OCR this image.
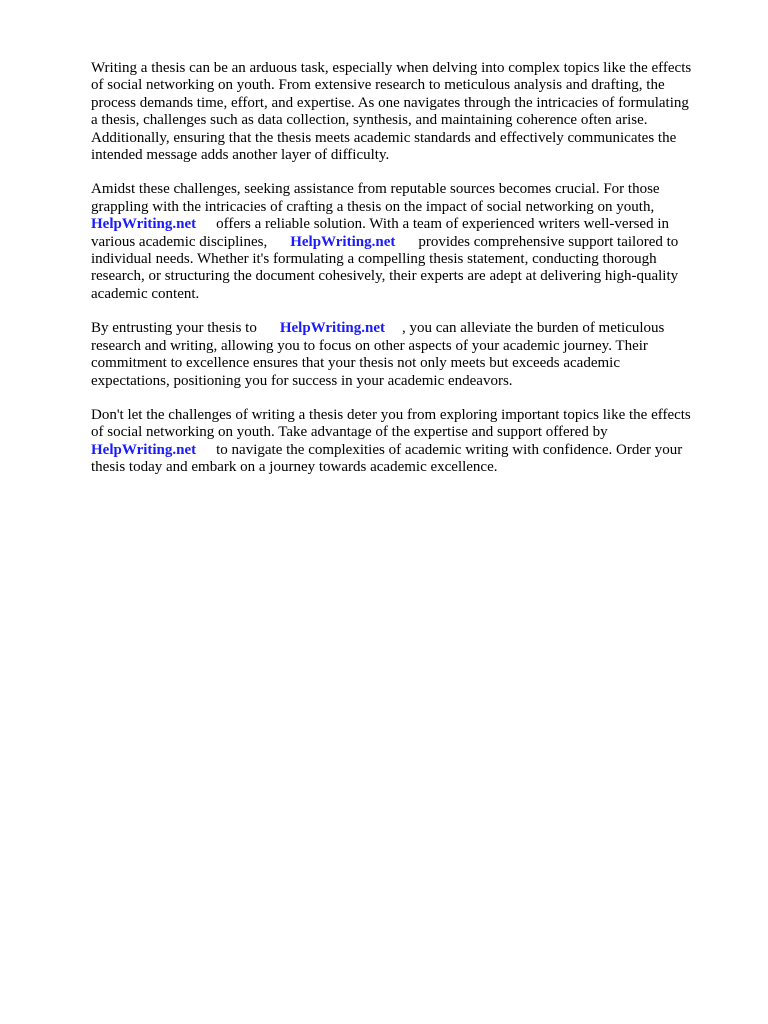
Writing a thesis can be an arduous task, especially when delving into complex topics like the effects
of social networking on youth. From extensive research to meticulous analysis and drafting, the
process demands time, effort, and expertise. As one navigates through the intricacies of formulating
a thesis, challenges such as data collection, synthesis, and maintaining coherence often arise.
Additionally, ensuring that the thesis meets academic standards and effectively communicates the
intended message adds another layer of difficulty.
Amidst these challenges, seeking assistance from reputable sources becomes crucial. For those
grappling with the intricacies of crafting a thesis on the impact of social networking on youth,
HelpWriting.net offers a reliable solution. With a team of experienced writers well-versed in
various academic disciplines, HelpWriting.net provides comprehensive support tailored to
individual needs. Whether it's formulating a compelling thesis statement, conducting thorough
research, or structuring the document cohesively, their experts are adept at delivering high-quality
academic content.
By entrusting your thesis to HelpWriting.net , you can alleviate the burden of meticulous
research and writing, allowing you to focus on other aspects of your academic journey. Their
commitment to excellence ensures that your thesis not only meets but exceeds academic
expectations, positioning you for success in your academic endeavors.
Don't let the challenges of writing a thesis deter you from exploring important topics like the effects
of social networking on youth. Take advantage of the expertise and support offered by
HelpWriting.net to navigate the complexities of academic writing with confidence. Order your
thesis today and embark on a journey towards academic excellence.
